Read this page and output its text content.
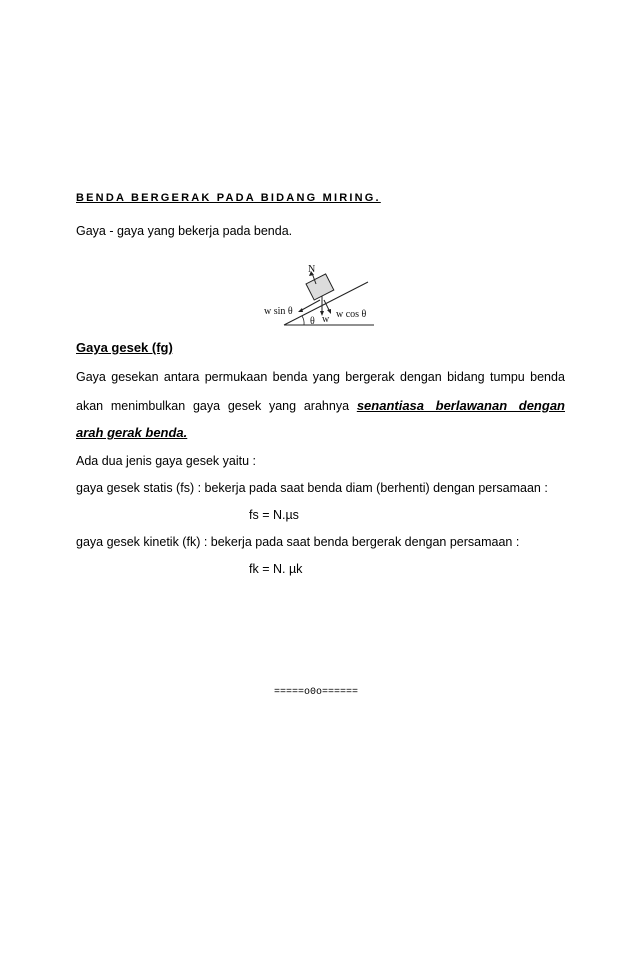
BENDA BERGERAK PADA BIDANG MIRING.
Gaya - gaya yang bekerja pada benda.
N
w sin θ
θ w w cos θ
Gaya gesek (fg)
Gaya gesekan antara permukaan benda yang bergerak dengan bidang tumpu benda
akan menimbulkan gaya gesek yang arahnya senantiasa berlawanan dengan
arah gerak benda.
Ada dua jenis gaya gesek yaitu :
gaya gesek statis (fs) : bekerja pada saat benda diam (berhenti) dengan persamaan :
fs = N.µs
gaya gesek kinetik (fk) : bekerja pada saat benda bergerak dengan persamaan :
fk = N. µk
=====o0o======
